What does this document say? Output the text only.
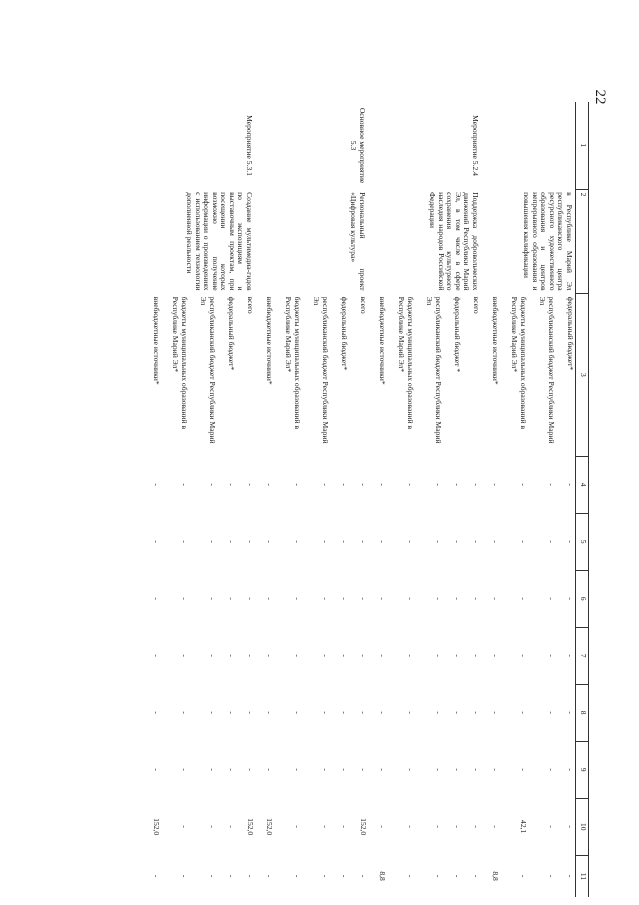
22
1	2	3	4	5	6	7	8	9	10	11
	в Республике Марий Эл республиканского центра ресурсного художественного образования и центров непрерывного образования и повышения квалификации	федеральный бюджет*	-	-	-	-	-	-	-	-
		республиканский бюджет Республики Марий Эл	-	-	-	-	-	-	-	-
		бюджеты муниципальных образований в Республике Марий Эл*	-	-	-	-	-	-	42,1	-
		внебюджетные источники*	-	-	-	-	-	-	-	8,8
Мероприятие 5.2.4	Поддержка добровольческих движений Республики Марий Эл, в том числе в сфере сохранения культурного наследия народов Российской Федерации	всего	-	-	-	-	-	-	-	-
		федеральный бюджет *	-	-	-	-	-	-	-	-
		республиканский бюджет Республики Марий Эл	-	-	-	-	-	-	-	-
		бюджеты муниципальных образований в Республике Марий Эл*	-	-	-	-	-	-	-	-
		внебюджетные источники*	-	-	-	-	-	-	-	8,8
Основное мероприятие 5.3	Региональный проект «Цифровая культура»	всего	-	-	-	-	-	-	152,0	-
		федеральный бюджет*	-	-	-	-	-	-	-	-
		республиканский бюджет Республики Марий Эл	-	-	-	-	-	-	-	-
		бюджеты муниципальных образований в Республике Марий Эл*	-	-	-	-	-	-	-	-
		внебюджетные источники*	-	-	-	-	-	-	152,0	-
Мероприятие 5.3.1	Создание мультимедиа-гидов по экспозициям и выставочным проектам, при посещении которых возможно получение информации о произведениях с использованием технологии дополненной реальности	всего	-	-	-	-	-	-	152,0	-
		федеральный бюджет*	-	-	-	-	-	-	-	-
		республиканский бюджет Республики Марий Эл	-	-	-	-	-	-	-	-
		бюджеты муниципальных образований в Республике Марий Эл*	-	-	-	-	-	-	-	-
		внебюджетные источники*	-	-	-	-	-	-	152,0	-
